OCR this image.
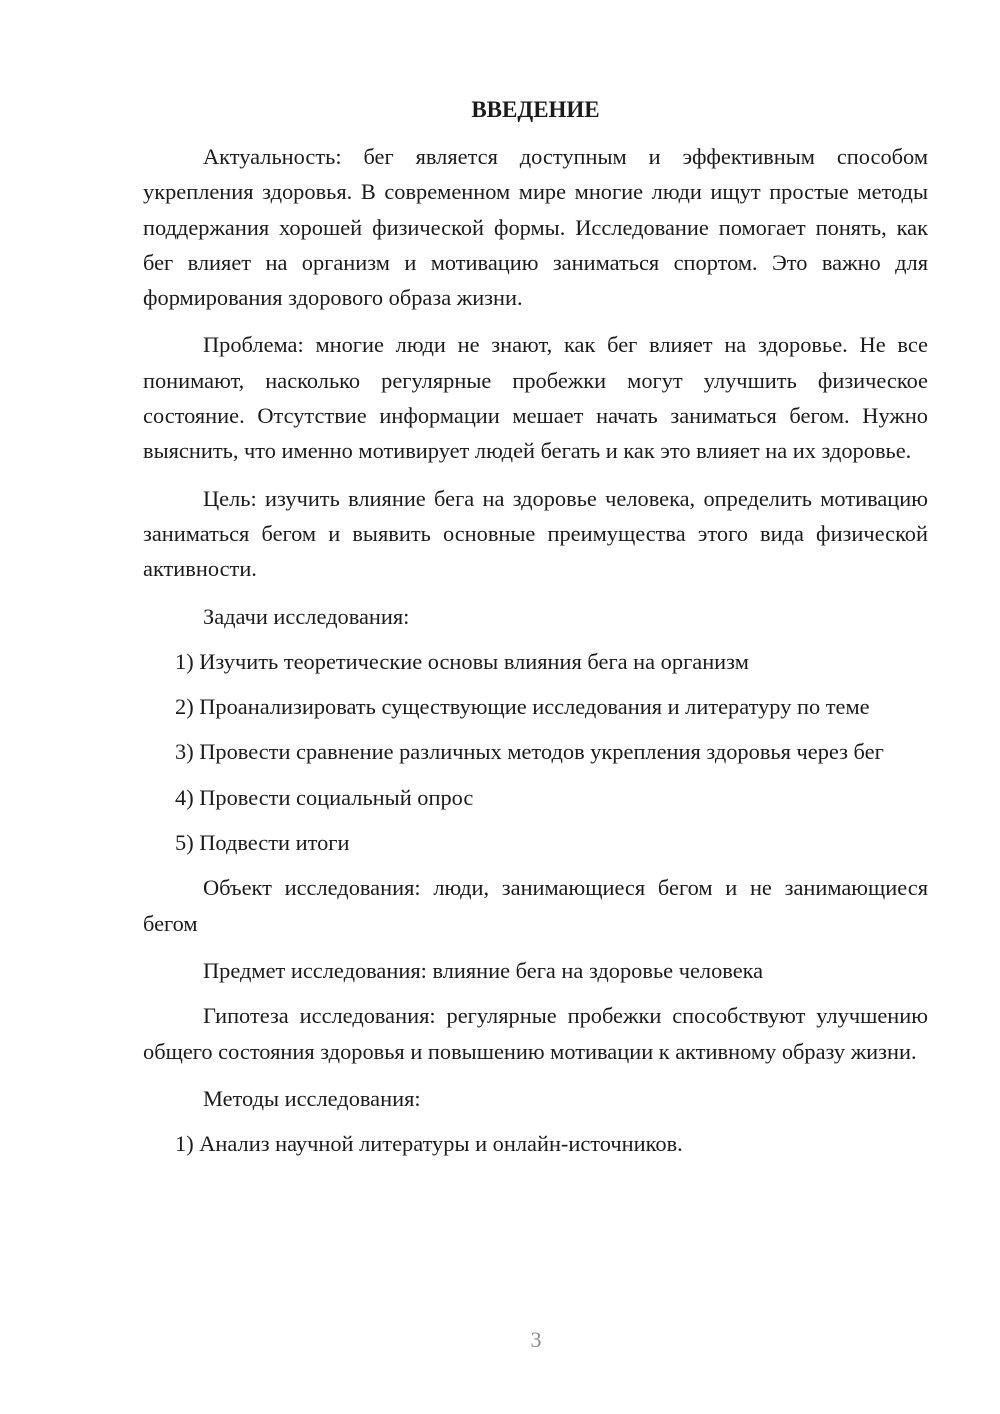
ВВЕДЕНИЕ

Актуальность: бег является доступным и эффективным способом укрепления здоровья. В современном мире многие люди ищут простые методы поддержания хорошей физической формы. Исследование помогает понять, как бег влияет на организм и мотивацию заниматься спортом. Это важно для формирования здорового образа жизни.

Проблема: многие люди не знают, как бег влияет на здоровье. Не все понимают, насколько регулярные пробежки могут улучшить физическое состояние. Отсутствие информации мешает начать заниматься бегом. Нужно выяснить, что именно мотивирует людей бегать и как это влияет на их здоровье.

Цель: изучить влияние бега на здоровье человека, определить мотивацию заниматься бегом и выявить основные преимущества этого вида физической активности.

Задачи исследования:

1) Изучить теоретические основы влияния бега на организм

2) Проанализировать существующие исследования и литературу по теме

3) Провести сравнение различных методов укрепления здоровья через бег

4) Провести социальный опрос

5) Подвести итоги

Объект исследования: люди, занимающиеся бегом и не занимающиеся бегом

Предмет исследования: влияние бега на здоровье человека

Гипотеза исследования: регулярные пробежки способствуют улучшению общего состояния здоровья и повышению мотивации к активному образу жизни.

Методы исследования:

1) Анализ научной литературы и онлайн-источников.

3
